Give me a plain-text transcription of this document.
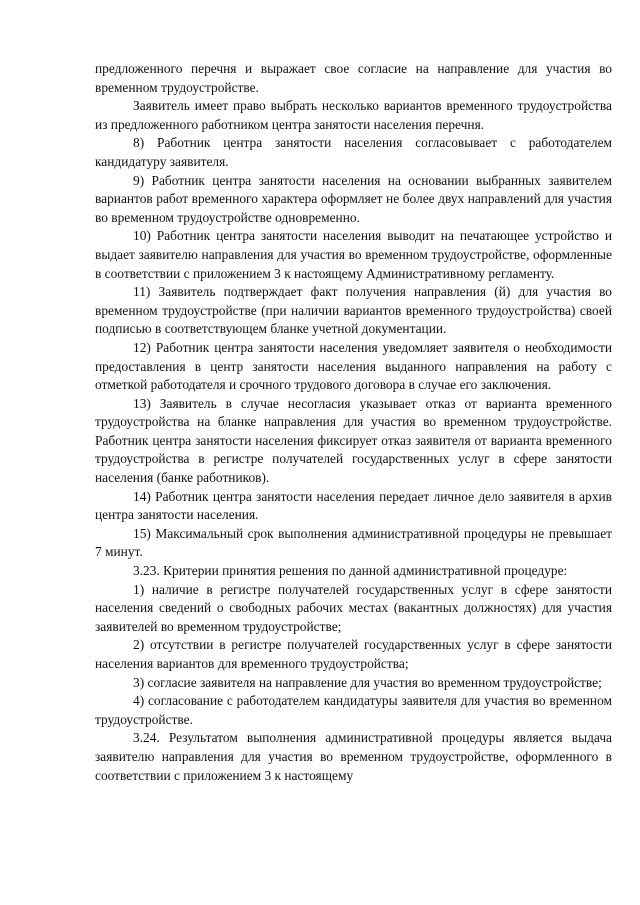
предложенного перечня и выражает свое согласие на направление для участия во временном трудоустройстве.

Заявитель имеет право выбрать несколько вариантов временного трудоустройства из предложенного работником центра занятости населения перечня.

8) Работник центра занятости населения согласовывает с работодателем кандидатуру заявителя.

9) Работник центра занятости населения на основании выбранных заявителем вариантов работ временного характера оформляет не более двух направлений для участия во временном трудоустройстве одновременно.

10) Работник центра занятости населения выводит на печатающее устройство и выдает заявителю направления для участия во временном трудоустройстве, оформленные в соответствии с приложением 3 к настоящему Административному регламенту.

11) Заявитель подтверждает факт получения направления (й) для участия во временном трудоустройстве (при наличии вариантов временного трудоустройства) своей подписью в соответствующем бланке учетной документации.

12) Работник центра занятости населения уведомляет заявителя о необходимости предоставления в центр занятости населения выданного направления на работу с отметкой работодателя и срочного трудового договора в случае его заключения.

13) Заявитель в случае несогласия указывает отказ от варианта временного трудоустройства на бланке направления для участия во временном трудоустройстве. Работник центра занятости населения фиксирует отказ заявителя от варианта временного трудоустройства в регистре получателей государственных услуг в сфере занятости населения (банке работников).

14) Работник центра занятости населения передает личное дело заявителя в архив центра занятости населения.

15) Максимальный срок выполнения административной процедуры не превышает 7 минут.

3.23. Критерии принятия решения по данной административной процедуре:

1) наличие в регистре получателей государственных услуг в сфере занятости населения сведений о свободных рабочих местах (вакантных должностях) для участия заявителей во временном трудоустройстве;

2) отсутствии в регистре получателей государственных услуг в сфере занятости населения вариантов для временного трудоустройства;

3) согласие заявителя на направление для участия во временном трудоустройстве;

4) согласование с работодателем кандидатуры заявителя для участия во временном трудоустройстве.

3.24. Результатом выполнения административной процедуры является выдача заявителю направления для участия во временном трудоустройстве, оформленного в соответствии с приложением 3 к настоящему
